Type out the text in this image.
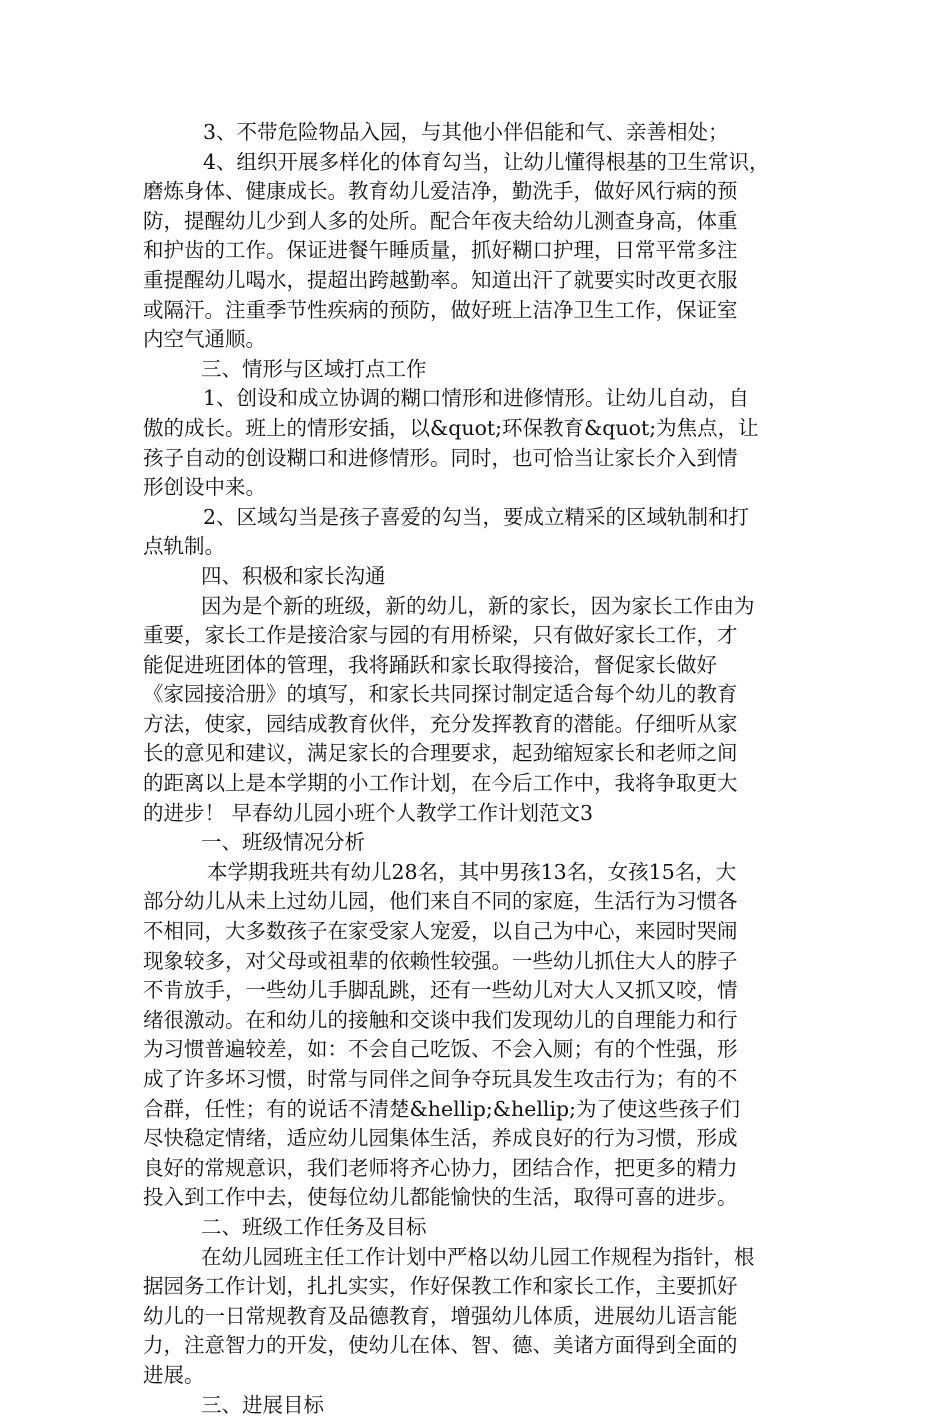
3、不带危险物品入园，与其他小伴侣能和气、亲善相处；
4、组织开展多样化的体育勾当，让幼儿懂得根基的卫生常识，
磨炼身体、健康成长。教育幼儿爱洁净，勤洗手，做好风行病的预
防，提醒幼儿少到人多的处所。配合年夜夫给幼儿测查身高，体重
和护齿的工作。保证进餐午睡质量，抓好糊口护理，日常平常多注
重提醒幼儿喝水，提超出跨越勤率。知道出汗了就要实时改更衣服
或隔汗。注重季节性疾病的预防，做好班上洁净卫生工作，保证室
内空气通顺。
三、情形与区域打点工作
1、创设和成立协调的糊口情形和进修情形。让幼儿自动，自
傲的成长。班上的情形安插，以&quot;环保教育&quot;为焦点，让
孩子自动的创设糊口和进修情形。同时，也可恰当让家长介入到情
形创设中来。
2、区域勾当是孩子喜爱的勾当，要成立精采的区域轨制和打
点轨制。
四、积极和家长沟通
因为是个新的班级，新的幼儿，新的家长，因为家长工作由为
重要，家长工作是接洽家与园的有用桥梁，只有做好家长工作，才
能促进班团体的管理，我将踊跃和家长取得接洽，督促家长做好
《家园接洽册》的填写，和家长共同探讨制定适合每个幼儿的教育
方法，使家，园结成教育伙伴，充分发挥教育的潜能。仔细听从家
长的意见和建议，满足家长的合理要求，起劲缩短家长和老师之间
的距离以上是本学期的小工作计划，在今后工作中，我将争取更大
的进步！ 早春幼儿园小班个人教学工作计划范文3
一、班级情况分析
本学期我班共有幼儿28名，其中男孩13名，女孩15名，大
部分幼儿从未上过幼儿园，他们来自不同的家庭，生活行为习惯各
不相同，大多数孩子在家受家人宠爱，以自己为中心，来园时哭闹
现象较多，对父母或祖辈的依赖性较强。一些幼儿抓住大人的脖子
不肯放手，一些幼儿手脚乱跳，还有一些幼儿对大人又抓又咬，情
绪很激动。在和幼儿的接触和交谈中我们发现幼儿的自理能力和行
为习惯普遍较差，如：不会自己吃饭、不会入厕；有的个性强，形
成了许多坏习惯，时常与同伴之间争夺玩具发生攻击行为；有的不
合群，任性；有的说话不清楚&hellip;&hellip;为了使这些孩子们
尽快稳定情绪，适应幼儿园集体生活，养成良好的行为习惯，形成
良好的常规意识，我们老师将齐心协力，团结合作，把更多的精力
投入到工作中去，使每位幼儿都能愉快的生活，取得可喜的进步。
二、班级工作任务及目标
在幼儿园班主任工作计划中严格以幼儿园工作规程为指针，根
据园务工作计划，扎扎实实，作好保教工作和家长工作，主要抓好
幼儿的一日常规教育及品德教育，增强幼儿体质，进展幼儿语言能
力，注意智力的开发，使幼儿在体、智、德、美诸方面得到全面的
进展。
三、进展目标
